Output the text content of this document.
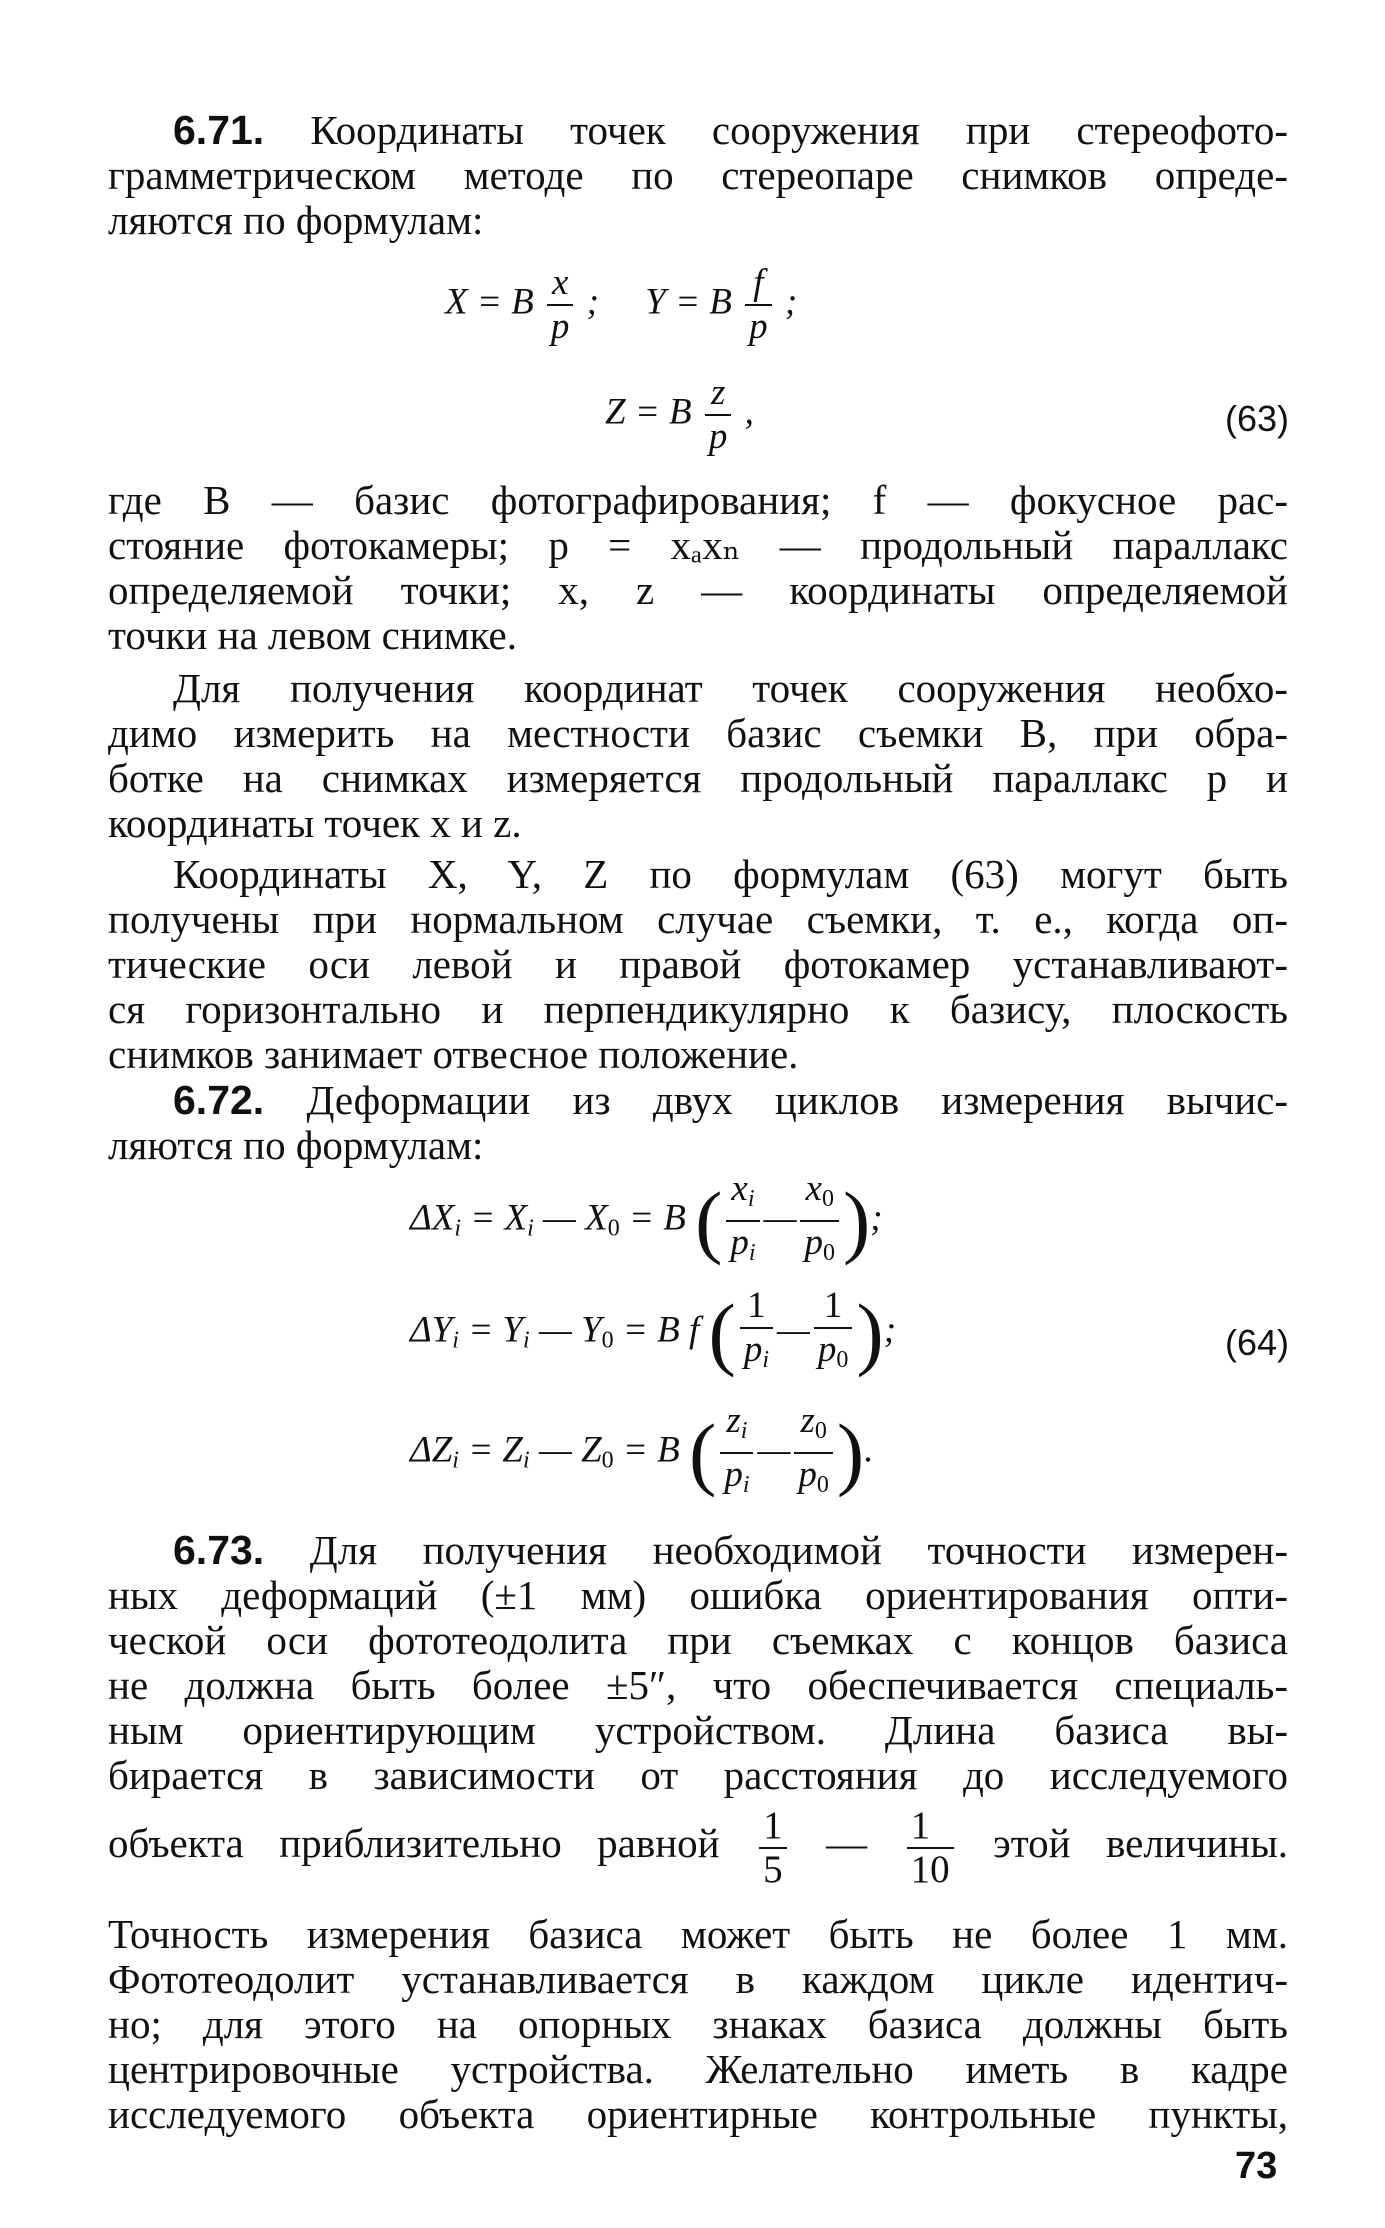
6.71. Координаты точек сооружения при стереофото-
грамметрическом методе по стереопаре снимков опреде-
ляются по формулам:
X = B $\frac{x}{p}$ ; Y = B $\frac{f}{p}$ ;
Z = B $\frac{z}{p}$ ,	(63)
где B — базис фотографирования; f — фокусное рас-
стояние фотокамеры; p = xₐxₙ — продольный параллакс
определяемой точки; x, z — координаты определяемой
точки на левом снимке.
Для получения координат точек сооружения необхо-
димо измерить на местности базис съемки B, при обра-
ботке на снимках измеряется продольный параллакс p и
координаты точек x и z.
Координаты X, Y, Z по формулам (63) могут быть
получены при нормальном случае съемки, т. е., когда оп-
тические оси левой и правой фотокамер устанавливают-
ся горизонтально и перпендикулярно к базису, плоскость
снимков занимает отвесное положение.
6.72. Деформации из двух циклов измерения вычис-
ляются по формулам:
$\Delta X_i = X_i$ — X0 = B ( $\frac{x_i}{p_i}$ — $\frac{x0}{p0}$ );
$\Delta Y_i = Y_i$ — Y0 = B f ( $\frac{1}{p_i}$ — $\frac{1}{p0}$ );	(64)
$\Delta Z_i = Z_i$ — Z0 = B ( $\frac{z_i}{p_i}$ — $\frac{z0}{p0}$ ).
6.73. Для получения необходимой точности измерен-
ных деформаций (±1 мм) ошибка ориентирования опти-
ческой оси фототеодолита при съемках с концов базиса
не должна быть более ±5″, что обеспечивается специаль-
ным ориентирующим устройством. Длина базиса вы-
бирается в зависимости от расстояния до исследуемого
объекта приблизительно равной $\frac{1}{5}$ — $\frac{1}{10}$ этой величины.
Точность измерения базиса может быть не более 1 мм.
Фототеодолит устанавливается в каждом цикле идентич-
но; для этого на опорных знаках базиса должны быть
центрировочные устройства. Желательно иметь в кадре
исследуемого объекта ориентирные контрольные пункты,
73
